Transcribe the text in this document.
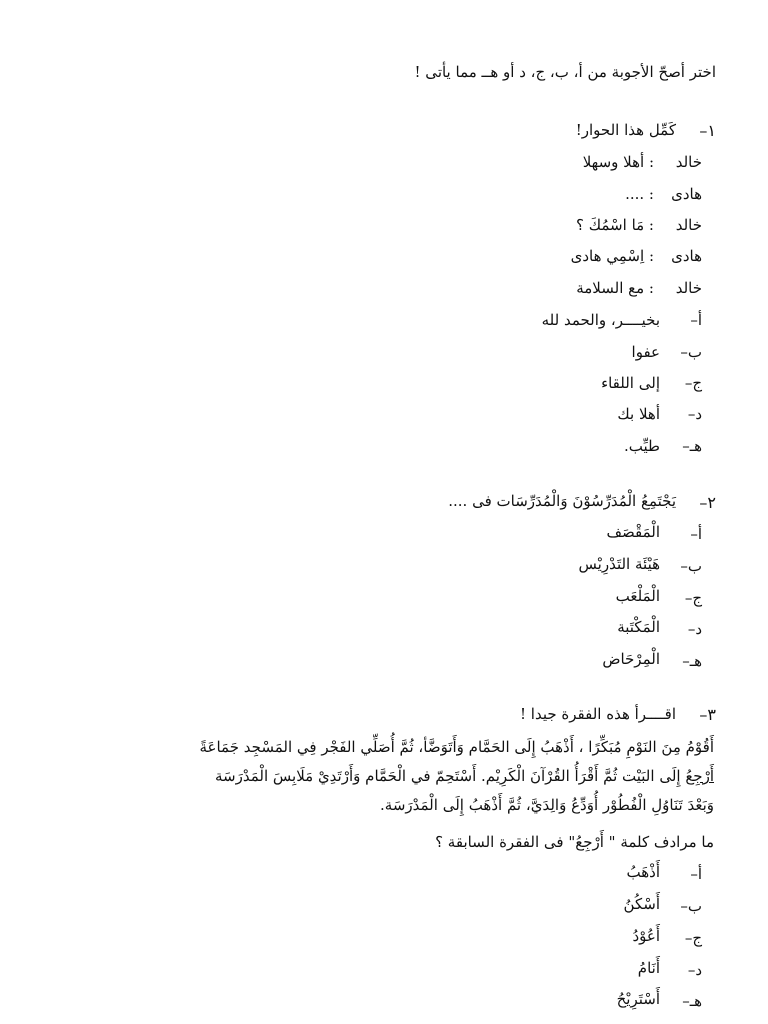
اختر أصحّ الأجوبة من أ، ب، ج، د أو هــ مما يأتى !
١–
كَمِّل هذا الحوار!
خالد
: أهلا وسهلا
هادى
: ....
خالد
: مَا اسْمُكَ ؟
هادى
: اِسْمِي هادى
خالد
: مع السلامة
أ–
بخيــــر، والحمد لله
ب–
عفوا
ج–
إلى اللقاء
د–
أهلا بك
هـ–
طيِّب.
٢–
يَجْتَمِعُ الْمُدَرِّسُوْنَ وَالْمُدَرِّسَات فى ....
أ–
الْمَقْصَف
ب–
هَيْئَة التَدْرِيْس
ج–
الْمَلْعَب
د–
الْمَكْتَبة
هـ–
الْمِرْحَاض
٣–
اقــــرأ هذه الفقرة جيدا !
أَقُوْمُ مِنَ النَوْمِ مُبَكِّرًا ، أَذْهَبُ إِلَى الحَمَّام وَأَتَوَضَّأ، ثُمَّ أُصَلِّي الفَجْر فِي المَسْجِد جَمَاعَةً
أَرْجِعُ إِلَى البَيْت ثُمَّ أَقْرَأُ القُرْآنَ الْكَرِيْم. أَسْتَحِمّ في الْحَمَّام وَأَرْتَدِيْ مَلَابِسَ الْمَدْرَسَة
وَبَعْدَ تَنَاوُلِ الْفُطُوْر أُوَدِّعُ وَالِدَيَّ، ثُمَّ أَذْهَبُ إِلَى الْمَدْرَسَة.
ما مرادف كلمة " أَرْجِعُ" فى الفقرة السابقة ؟
أ–
أَذْهَبُ
ب–
أَسْكُنُ
ج–
أَعُوْدُ
د–
أَنَامُ
هـ–
أَسْتَرِيْحُ
